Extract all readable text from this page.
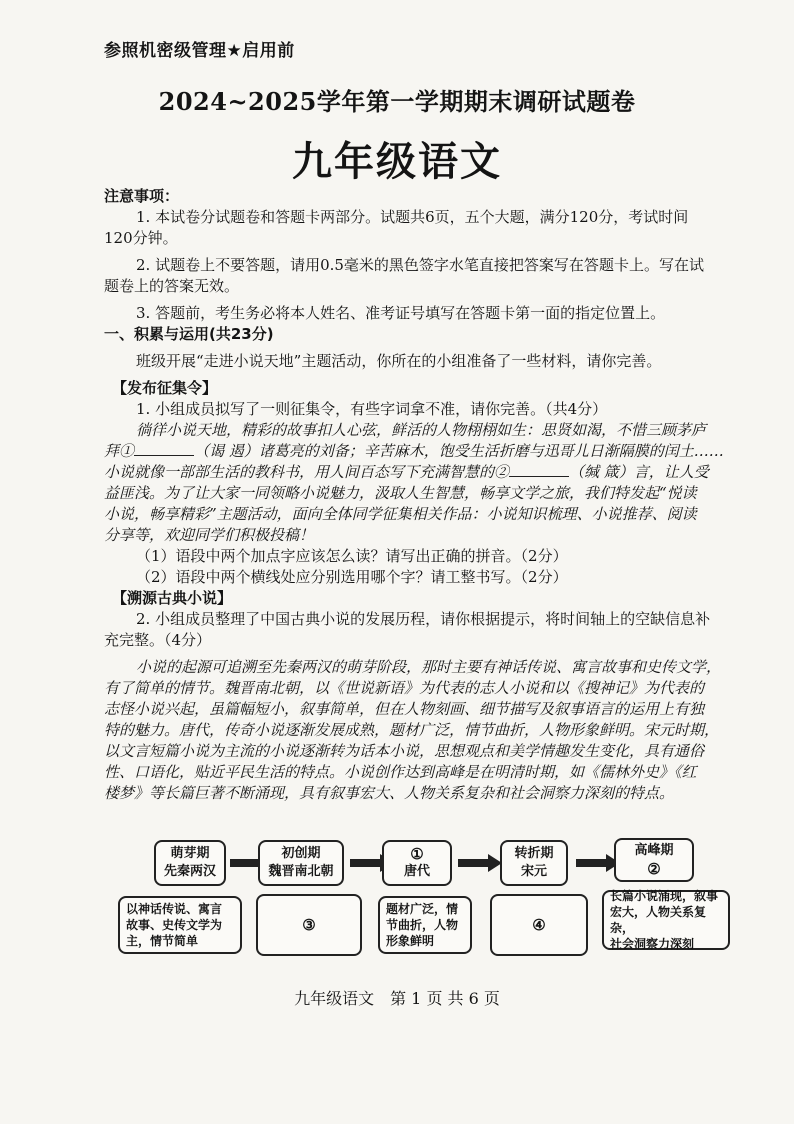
参照机密级管理★启用前
2024~2025学年第一学期期末调研试题卷
九年级语文
注意事项：
1. 本试卷分试题卷和答题卡两部分。试题共6页，五个大题，满分120分，考试时间
120分钟。
2. 试题卷上不要答题，请用0.5毫米的黑色签字水笔直接把答案写在答题卡上。写在试
题卷上的答案无效。
3. 答题前，考生务必将本人姓名、准考证号填写在答题卡第一面的指定位置上。
一、积累与运用(共23分)
班级开展“走进小说天地”主题活动，你所在的小组准备了一些材料，请你完善。
【发布征集令】
1. 小组成员拟写了一则征集令，有些字词拿不准，请你完善。（共4分）
徜徉小说天地，精彩的故事扣人心弦，鲜活的人物栩栩如生：思贤如渴，不惜三顾茅庐
拜①	（谒 遏）诸葛亮的刘备；辛苦麻木，饱受生活折磨与迅哥儿日渐隔膜的闰土……
小说就像一部部生活的教科书，用人间百态写下充满智慧的②	（缄 箴）言，让人受
益匪浅。为了让大家一同领略小说魅力，汲取人生智慧，畅享文学之旅，我们特发起“悦读
小说，畅享精彩”主题活动，面向全体同学征集相关作品：小说知识梳理、小说推荐、阅读
分享等，欢迎同学们积极投稿！
（1）语段中两个加点字应该怎么读？请写出正确的拼音。（2分）
（2）语段中两个横线处应分别选用哪个字？请工整书写。（2分）
【溯源古典小说】
2. 小组成员整理了中国古典小说的发展历程，请你根据提示，将时间轴上的空缺信息补
充完整。（4分）
小说的起源可追溯至先秦两汉的萌芽阶段，那时主要有神话传说、寓言故事和史传文学，
有了简单的情节。魏晋南北朝，以《世说新语》为代表的志人小说和以《搜神记》为代表的
志怪小说兴起，虽篇幅短小，叙事简单，但在人物刻画、细节描写及叙事语言的运用上有独
特的魅力。唐代，传奇小说逐渐发展成熟，题材广泛，情节曲折，人物形象鲜明。宋元时期，
以文言短篇小说为主流的小说逐渐转为话本小说，思想观点和美学情趣发生变化，具有通俗
性、口语化，贴近平民生活的特点。小说创作达到高峰是在明清时期，如《儒林外史》《红
楼梦》等长篇巨著不断涌现，具有叙事宏大、人物关系复杂和社会洞察力深刻的特点。
萌芽期
先秦两汉
初创期
魏晋南北朝
①
唐代
转折期
宋元
高峰期
②
以神话传说、寓言
故事、史传文学为
主，情节简单
③
题材广泛，情
节曲折，人物
形象鲜明
④
长篇小说涌现，叙事
宏大，人物关系复杂，
社会洞察力深刻
九年级语文　第 1 页 共 6 页
